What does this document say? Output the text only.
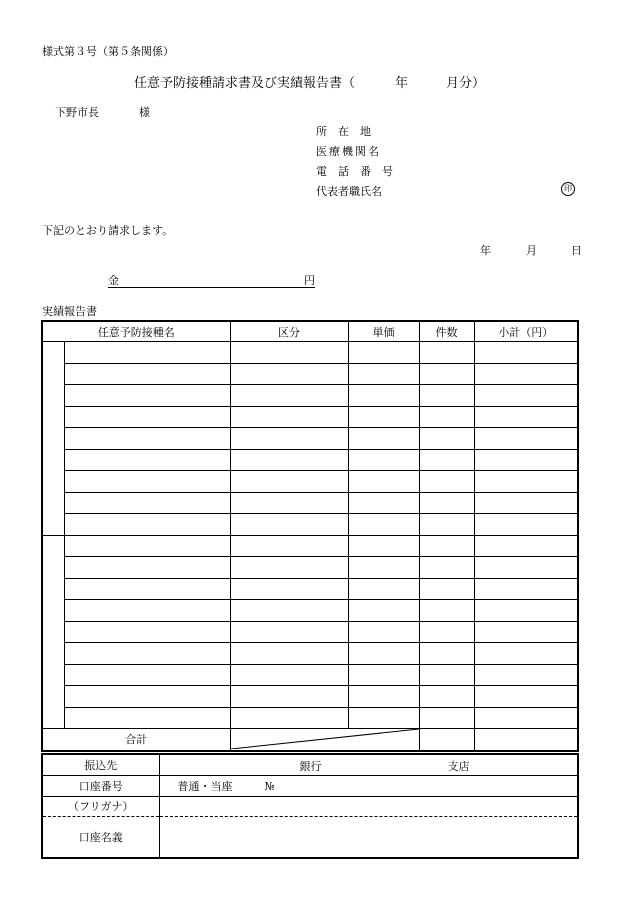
様式第３号（第５条関係）
任意予防接種請求書及び実績報告書（	年	月分）
下野市長	様
所　在　地
医療機関名
電　話　番　号
代表者職氏名	印
下記のとおり請求します。
年	月	日
金	円
実績報告書
任意予防接種名		区分	単価	件数	小計（円）

合計	

振込先	銀行 支店

口座番号	普通・当座 №
（フリガナ）	
口座名義	
